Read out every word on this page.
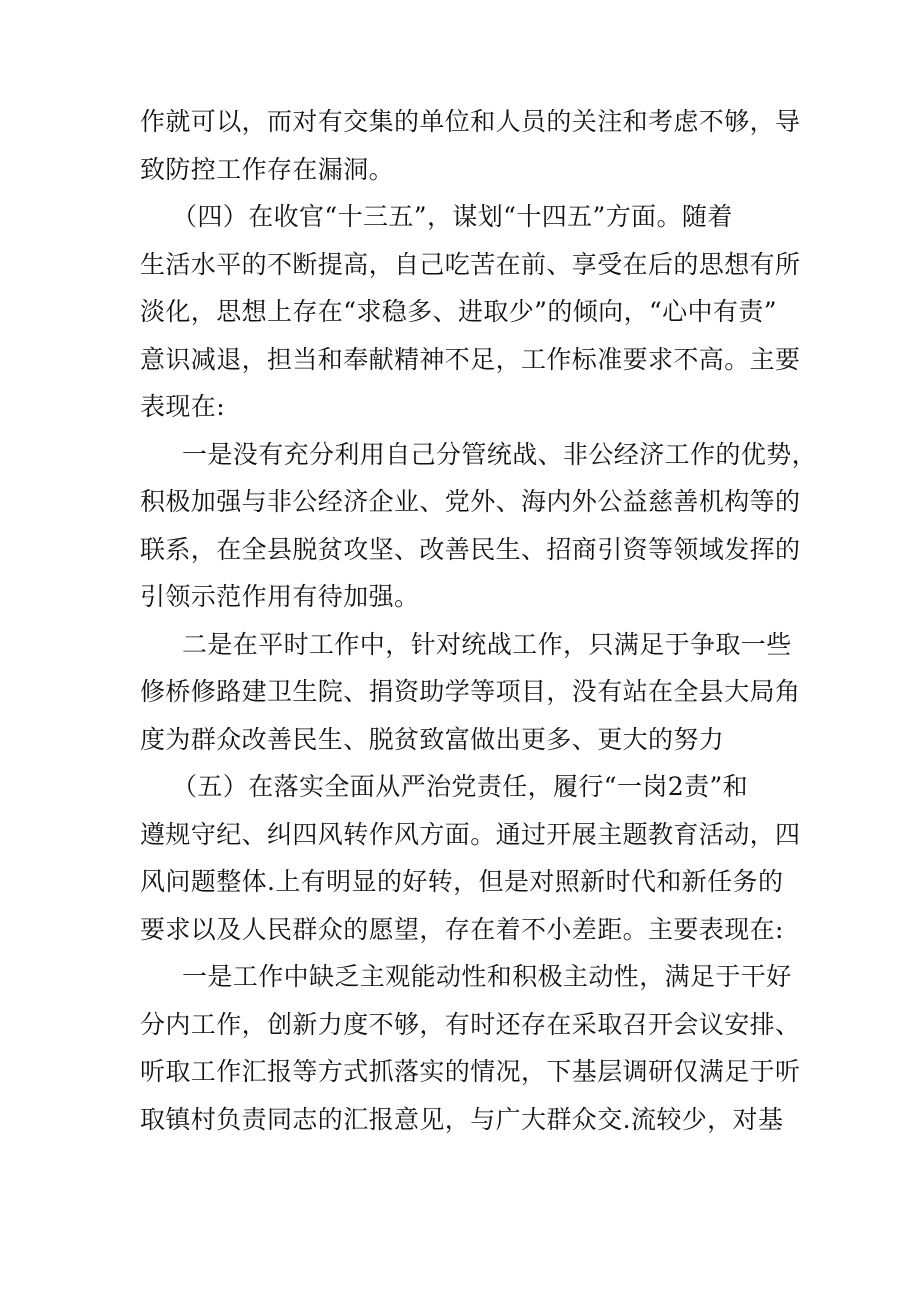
作就可以，而对有交集的单位和人员的关注和考虑不够，导
致防控工作存在漏洞。
（四）在收官“十三五”，谋划“十四五”方面。随着
生活水平的不断提高，自己吃苦在前、享受在后的思想有所
淡化，思想上存在“求稳多、进取少”的倾向，“心中有责”
意识减退，担当和奉献精神不足，工作标准要求不高。主要
表现在:
一是没有充分利用自己分管统战、非公经济工作的优势，
积极加强与非公经济企业、党外、海内外公益慈善机构等的
联系，在全县脱贫攻坚、改善民生、招商引资等领域发挥的
引领示范作用有待加强。
二是在平时工作中，针对统战工作，只满足于争取一些
修桥修路建卫生院、捐资助学等项目，没有站在全县大局角
度为群众改善民生、脱贫致富做出更多、更大的努力
（五）在落实全面从严治党责任，履行“一岗2责”和
遵规守纪、纠四风转作风方面。通过开展主题教育活动，四
风问题整体.上有明显的好转，但是对照新时代和新任务的
要求以及人民群众的愿望，存在着不小差距。主要表现在:
一是工作中缺乏主观能动性和积极主动性，满足于干好
分内工作，创新力度不够，有时还存在采取召开会议安排、
听取工作汇报等方式抓落实的情况，下基层调研仅满足于听
取镇村负责同志的汇报意见，与广大群众交.流较少，对基
